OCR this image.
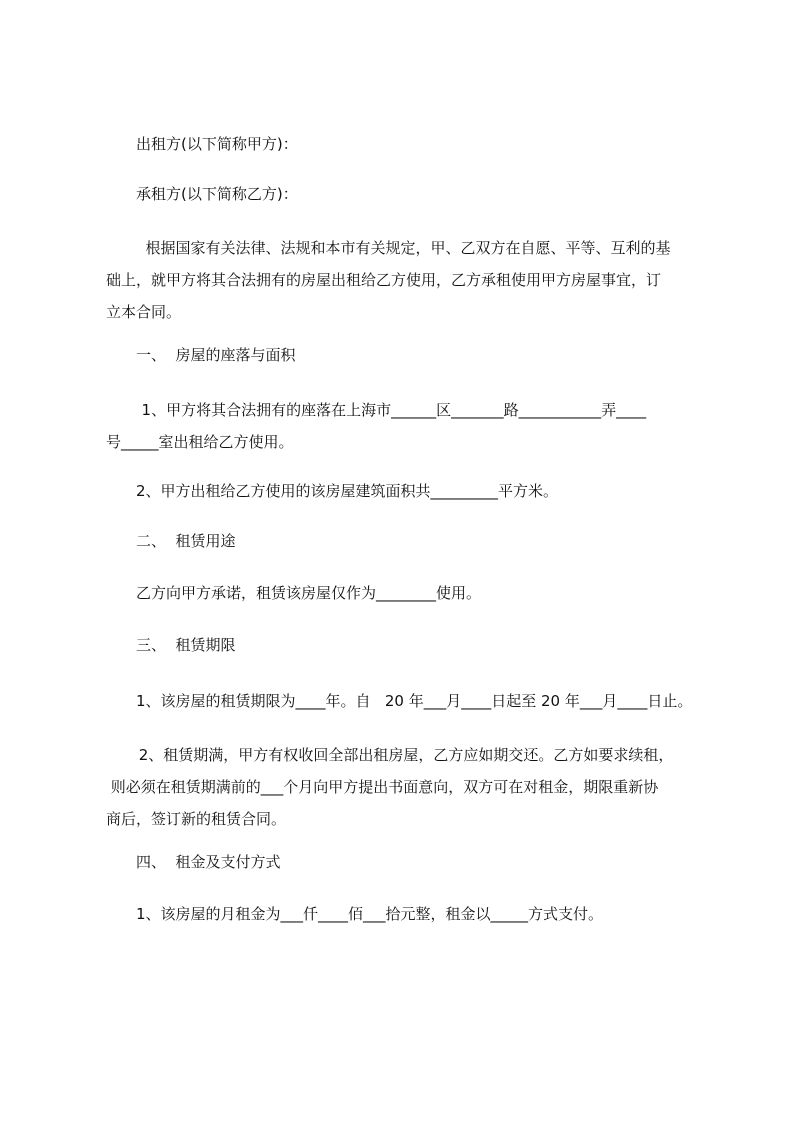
出租方(以下简称甲方)：
承租方(以下简称乙方)：
根据国家有关法律、法规和本市有关规定，甲、乙双方在自愿、平等、互利的基
础上，就甲方将其合法拥有的房屋出租给乙方使用，乙方承租使用甲方房屋事宜，订
立本合同。
一、  房屋的座落与面积
1、甲方将其合法拥有的座落在上海市______区_______路___________弄____
号_____室出租给乙方使用。
2、甲方出租给乙方使用的该房屋建筑面积共_________平方米。
二、  租赁用途
乙方向甲方承诺，租赁该房屋仅作为________使用。
三、  租赁期限
1、该房屋的租赁期限为____年。自   20 年___月____日起至 20 年___月____日止。
2、租赁期满，甲方有权收回全部出租房屋，乙方应如期交还。乙方如要求续租，
则必须在租赁期满前的___个月向甲方提出书面意向，双方可在对租金，期限重新协
商后，签订新的租赁合同。
四、  租金及支付方式
1、该房屋的月租金为___仟____佰___拾元整，租金以_____方式支付。
